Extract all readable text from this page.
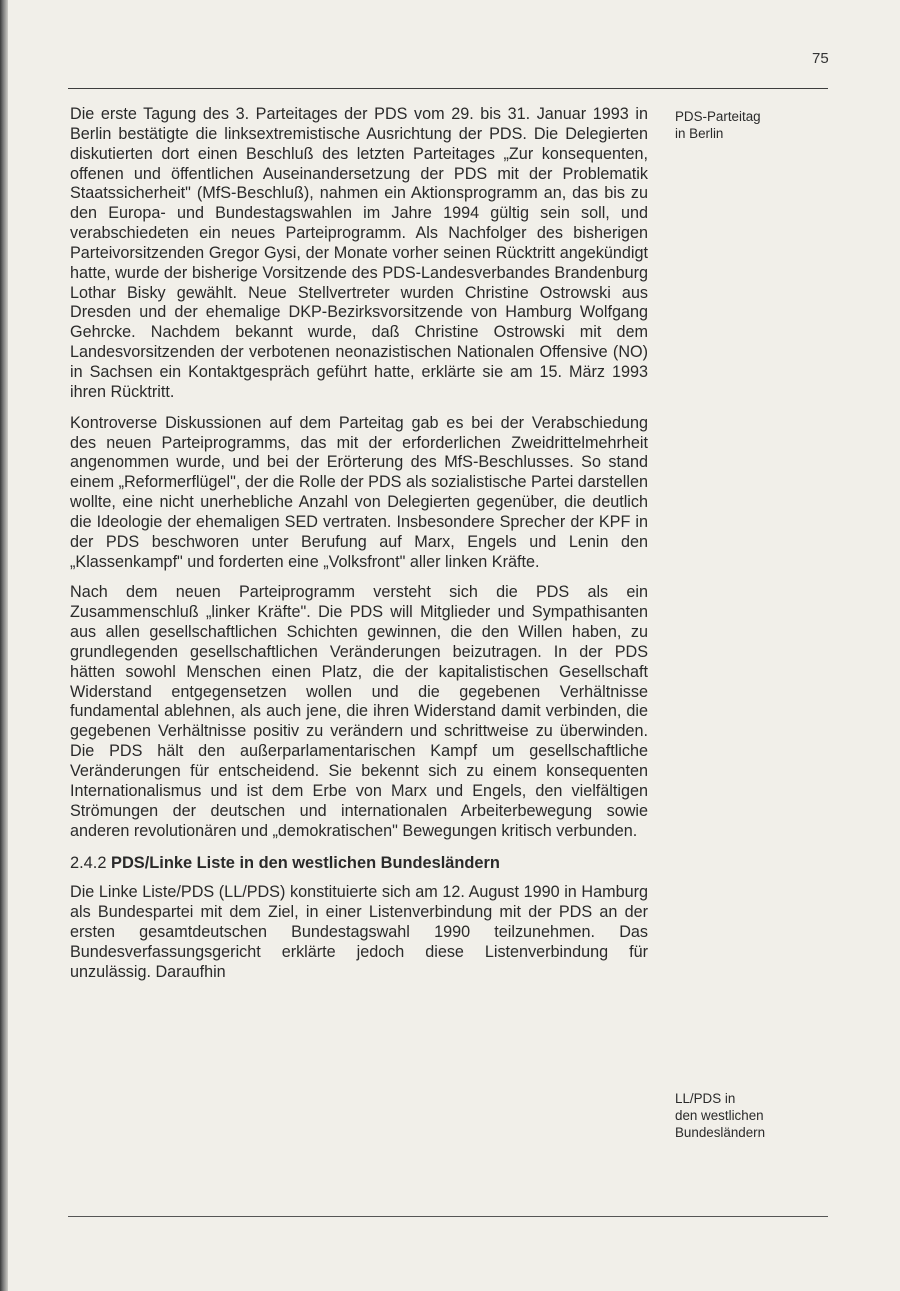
75

Die erste Tagung des 3. Parteitages der PDS vom 29. bis 31. Januar 1993 in Berlin bestätigte die linksextremistische Ausrichtung der PDS. Die Delegierten diskutierten dort einen Beschluß des letzten Parteitages „Zur konsequenten, offenen und öffentlichen Auseinandersetzung der PDS mit der Problematik Staatssicherheit" (MfS-Beschluß), nahmen ein Aktionsprogramm an, das bis zu den Europa- und Bundestagswahlen im Jahre 1994 gültig sein soll, und verabschiedeten ein neues Parteiprogramm. Als Nachfolger des bisherigen Parteivorsitzenden Gregor Gysi, der Monate vorher seinen Rücktritt angekündigt hatte, wurde der bisherige Vorsitzende des PDS-Landesverbandes Brandenburg Lothar Bisky gewählt. Neue Stellvertreter wurden Christine Ostrowski aus Dresden und der ehemalige DKP-Bezirksvorsitzende von Hamburg Wolfgang Gehrcke. Nachdem bekannt wurde, daß Christine Ostrowski mit dem Landesvorsitzenden der verbotenen neonazistischen Nationalen Offensive (NO) in Sachsen ein Kontaktgespräch geführt hatte, erklärte sie am 15. März 1993 ihren Rücktritt.

Kontroverse Diskussionen auf dem Parteitag gab es bei der Verabschiedung des neuen Parteiprogramms, das mit der erforderlichen Zweidrittelmehrheit angenommen wurde, und bei der Erörterung des MfS-Beschlusses. So stand einem „Reformerflügel", der die Rolle der PDS als sozialistische Partei darstellen wollte, eine nicht unerhebliche Anzahl von Delegierten gegenüber, die deutlich die Ideologie der ehemaligen SED vertraten. Insbesondere Sprecher der KPF in der PDS beschworen unter Berufung auf Marx, Engels und Lenin den „Klassenkampf" und forderten eine „Volksfront" aller linken Kräfte.

Nach dem neuen Parteiprogramm versteht sich die PDS als ein Zusammenschluß „linker Kräfte". Die PDS will Mitglieder und Sympathisanten aus allen gesellschaftlichen Schichten gewinnen, die den Willen haben, zu grundlegenden gesellschaftlichen Veränderungen beizutragen. In der PDS hätten sowohl Menschen einen Platz, die der kapitalistischen Gesellschaft Widerstand entgegensetzen wollen und die gegebenen Verhältnisse fundamental ablehnen, als auch jene, die ihren Widerstand damit verbinden, die gegebenen Verhältnisse positiv zu verändern und schrittweise zu überwinden. Die PDS hält den außerparlamentarischen Kampf um gesellschaftliche Veränderungen für entscheidend. Sie bekennt sich zu einem konsequenten Internationalismus und ist dem Erbe von Marx und Engels, den vielfältigen Strömungen der deutschen und internationalen Arbeiterbewegung sowie anderen revolutionären und „demokratischen" Bewegungen kritisch verbunden.

2.4.2 PDS/Linke Liste in den westlichen Bundesländern

Die Linke Liste/PDS (LL/PDS) konstituierte sich am 12. August 1990 in Hamburg als Bundespartei mit dem Ziel, in einer Listenverbindung mit der PDS an der ersten gesamtdeutschen Bundestagswahl 1990 teilzunehmen. Das Bundesverfassungsgericht erklärte jedoch diese Listenverbindung für unzulässig. Daraufhin

PDS-Parteitag
in Berlin
LL/PDS in
den westlichen
Bundesländern
